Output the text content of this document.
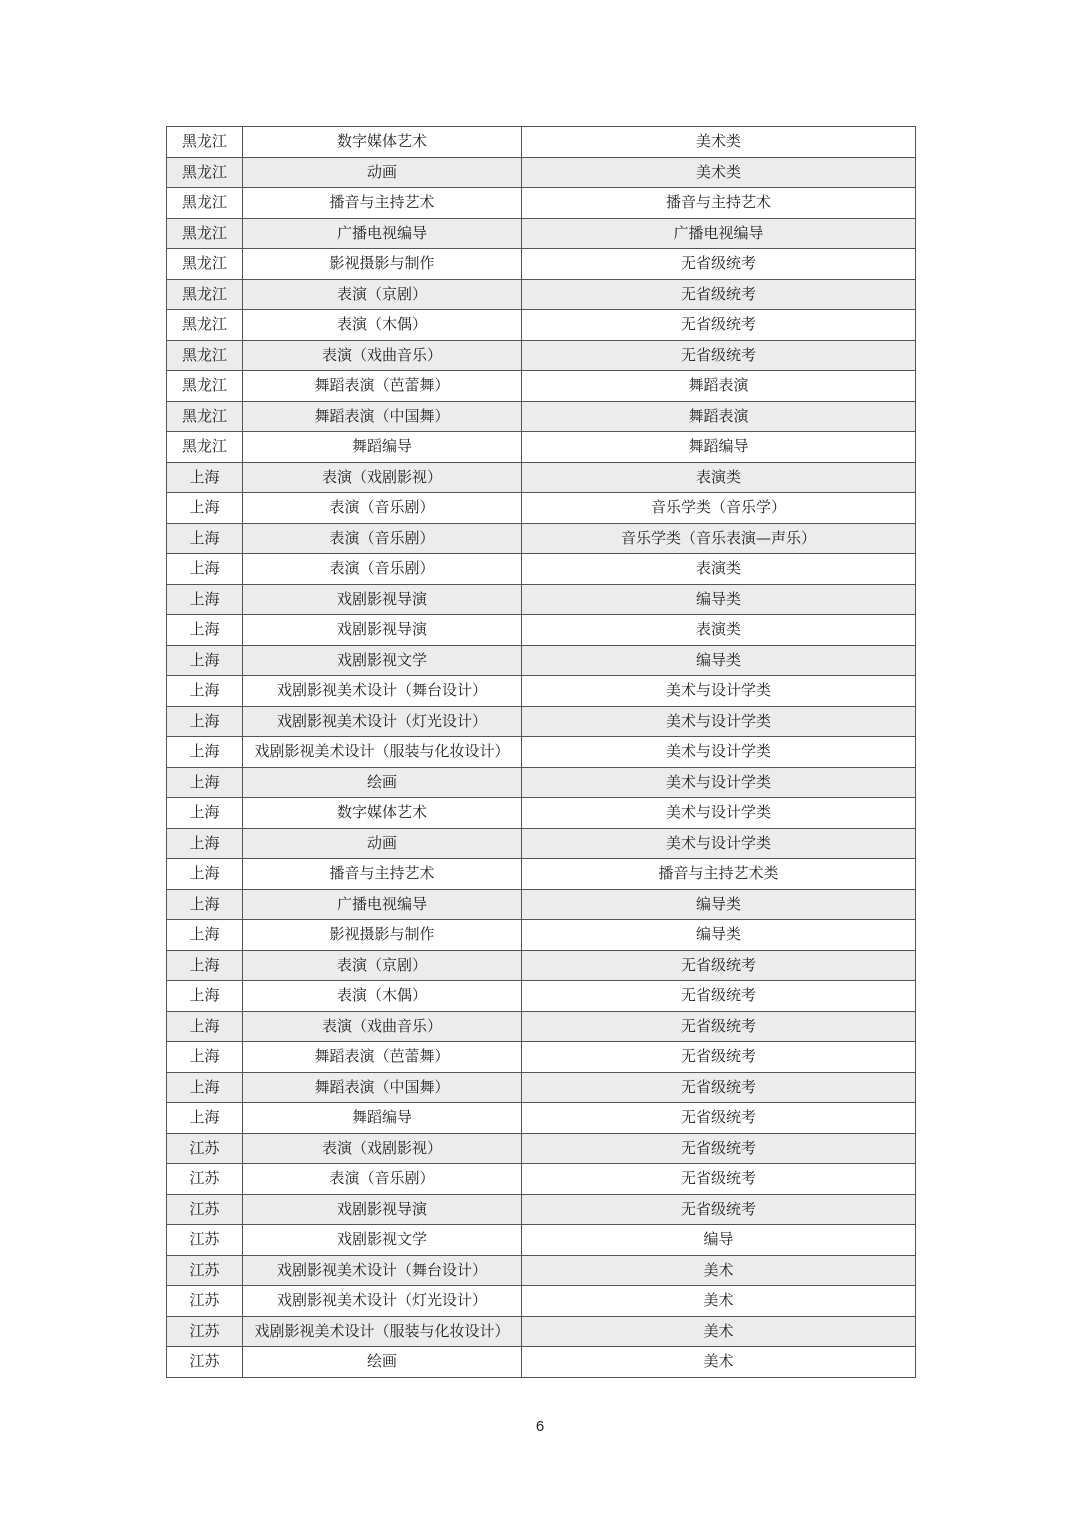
黑龙江	数字媒体艺术	美术类
黑龙江	动画	美术类
黑龙江	播音与主持艺术	播音与主持艺术
黑龙江	广播电视编导	广播电视编导
黑龙江	影视摄影与制作	无省级统考
黑龙江	表演（京剧）	无省级统考
黑龙江	表演（木偶）	无省级统考
黑龙江	表演（戏曲音乐）	无省级统考
黑龙江	舞蹈表演（芭蕾舞）	舞蹈表演
黑龙江	舞蹈表演（中国舞）	舞蹈表演
黑龙江	舞蹈编导	舞蹈编导
上海	表演（戏剧影视）	表演类
上海	表演（音乐剧）	音乐学类（音乐学）
上海	表演（音乐剧）	音乐学类（音乐表演—声乐）
上海	表演（音乐剧）	表演类
上海	戏剧影视导演	编导类
上海	戏剧影视导演	表演类
上海	戏剧影视文学	编导类
上海	戏剧影视美术设计（舞台设计）	美术与设计学类
上海	戏剧影视美术设计（灯光设计）	美术与设计学类
上海	戏剧影视美术设计（服装与化妆设计）	美术与设计学类
上海	绘画	美术与设计学类
上海	数字媒体艺术	美术与设计学类
上海	动画	美术与设计学类
上海	播音与主持艺术	播音与主持艺术类
上海	广播电视编导	编导类
上海	影视摄影与制作	编导类
上海	表演（京剧）	无省级统考
上海	表演（木偶）	无省级统考
上海	表演（戏曲音乐）	无省级统考
上海	舞蹈表演（芭蕾舞）	无省级统考
上海	舞蹈表演（中国舞）	无省级统考
上海	舞蹈编导	无省级统考
江苏	表演（戏剧影视）	无省级统考
江苏	表演（音乐剧）	无省级统考
江苏	戏剧影视导演	无省级统考
江苏	戏剧影视文学	编导
江苏	戏剧影视美术设计（舞台设计）	美术
江苏	戏剧影视美术设计（灯光设计）	美术
江苏	戏剧影视美术设计（服装与化妆设计）	美术
江苏	绘画	美术
6
